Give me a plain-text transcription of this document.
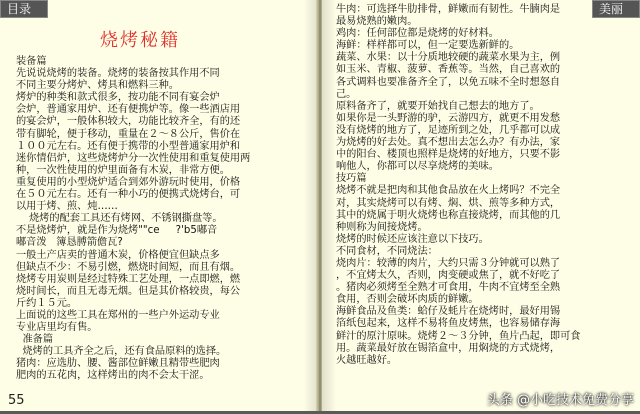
目录
烧烤秘籍
装备篇
先说说烧烤的装备。烧烤的装备按其作用不同
不同主要分烤炉、烤具和燃料三种。
烤炉的种类和款式很多，按功能不同有宴会炉
会炉，普通家用炉、还有便携炉等。像一些酒店用
的宴会炉，一般体积较大，功能比较齐全，有的还
带有脚轮，便于移动，重量在２～８公斤，售价在
１００元左右。还有便于携带的小型普通家用炉和
迷你情侣炉，这些烧烤炉分一次性使用和重复使用两
种，一次性使用的炉里面备有木炭，非常方便。
重复使用的小型烧炉适合到郊外游玩时使用，价格
在５０元左右。还有一种小巧的便携式烧烤台，可
以用于烤、煎、炖……
烧烤的配套工具还有烤网、不锈钢撕盘等。
不是烧烤炉，就是作为烧烤""ce     ?'b5嘟音
嘟音泼   簿恳膊箭儋瓦?
一般土产店卖的普通木炭，价格便宜但缺点多
但缺点不少：不易引燃，燃烧时间短，而且有烟。
烧烤专用炭则是经过特殊工艺处理，一点即燃，燃
烧时间长，而且无毒无烟。但是其价格较贵，每公
斤约１５元。
上面说的这些工具在郑州的一些户外运动专业
专业店里均有售。
准备篇
烧烤的工具齐全之后，还有食品原料的选择。
猪肉：应选肋、腰、酱部位鲜嫩且精带些肥肉
肥肉的五花肉，这样烤出的肉不会太干涩。
55
美丽
牛肉：可选择牛肋排骨，鲜嫩而有韧性。牛腩肉是
最易烧熟的嫩肉。
鸡肉：任何部位都是烧烤的好材料。
海鲜：样样都可以，但一定要选新鲜的。
蔬菜、水果：以十分质地较硬的蔬菜水果为主，例
如玉米、青椒、菠萝、香蕉等。当然，自己喜欢的
各式调料也要准备齐全了，以免五味不全时想怒自
己。
原料备齐了，就要开始找自己想去的地方了。
如果你是一头野游的驴，云游四方，就更不用发愁
没有烧烤的地方了，足迹所到之处，几乎都可以成
为烧烤的好去处。真不想出去怎么办？有办法，家
中的阳台、楼顶也照样是烧烤的好地方，只要不影
响他人，你都可以尽享烧烤的美味。
技巧篇
烧烤不就是把肉和其他食品放在火上烤吗？不完全
对，其实烧烤可以有烤、焖、烘、煎等多种方式，
其中的烧属于明火烧烤也称直接烧烤，而其他的几
种则称为间接烧烤。
烧烤的时候还应该注意以下技巧。
不同食材，不同烧法：
烧肉片：较薄的肉片，大约只需３分钟就可以熟了
，不宜烤太久，否则，肉变硬或焦了，就不好吃了
。猪肉必须烤至全熟才可食用，牛肉不宜烤至全熟
食用，否则会破坏肉质的鲜嫩。
海鲜食品及鱼类：蛤仔及蚝片在烧烤时，最好用锡
箔纸包起来，这样不易将鱼皮烤焦，也容易储存海
鲜汁的原汁原味。烧烤２～３分钟，鱼片凸起，即可食
用。蔬菜最好放在锡箔盒中，用焖烧的方式烧烤，
火越旺越好。
头条 @小吃技术免费分享
